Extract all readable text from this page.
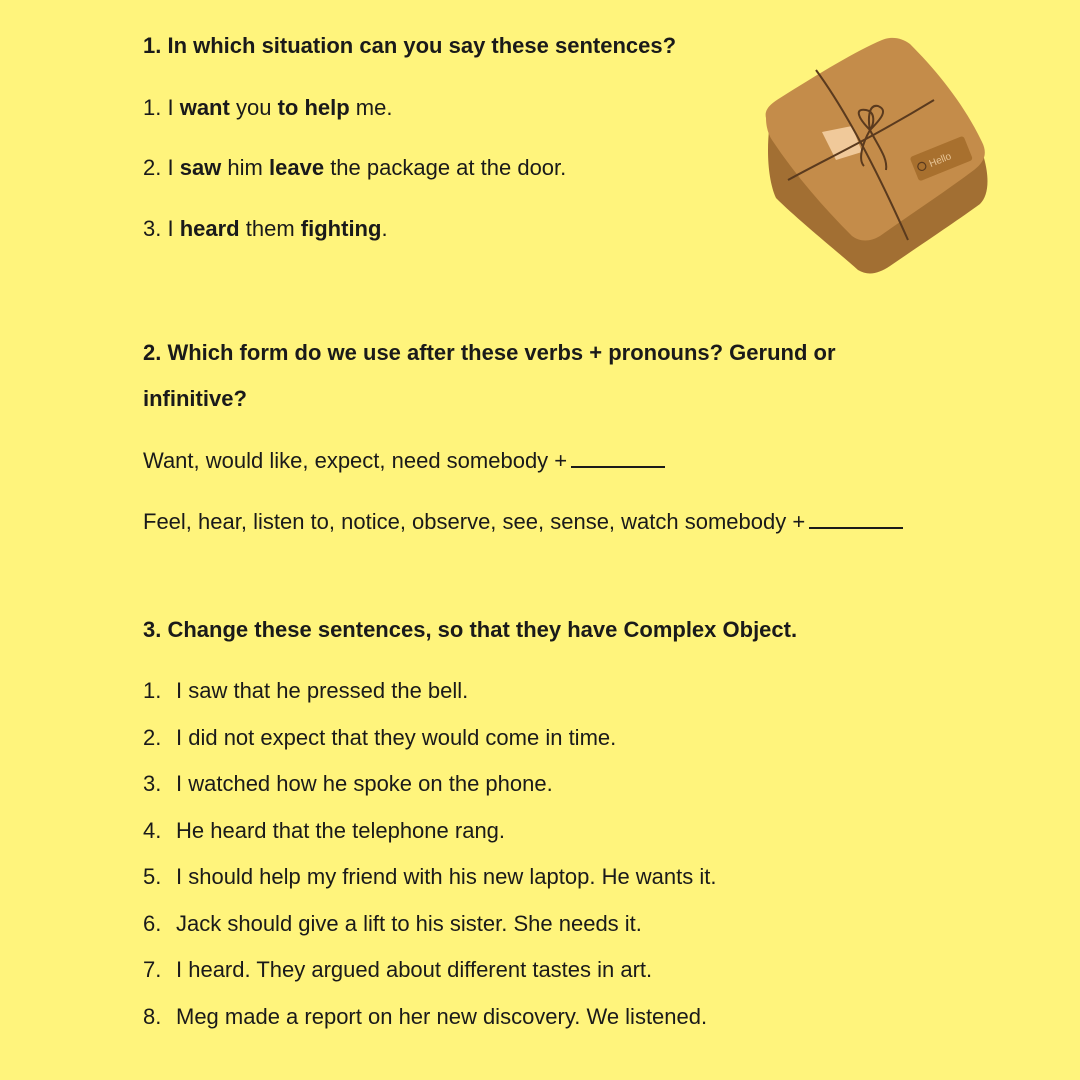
1. In which situation can you say these sentences?
1. I want you to help me.
2. I saw him leave the package at the door.
3. I heard them fighting.
Hello
2. Which form do we use after these verbs + pronouns? Gerund or
infinitive?
Want, would like, expect, need somebody +
Feel, hear, listen to, notice, observe, see, sense, watch somebody +
3. Change these sentences, so that they have Complex Object.
1. I saw that he pressed the bell.
2. I did not expect that they would come in time.
3. I watched how he spoke on the phone.
4. He heard that the telephone rang.
5. I should help my friend with his new laptop. He wants it.
6. Jack should give a lift to his sister. She needs it.
7. I heard. They argued about different tastes in art.
8. Meg made a report on her new discovery. We listened.
